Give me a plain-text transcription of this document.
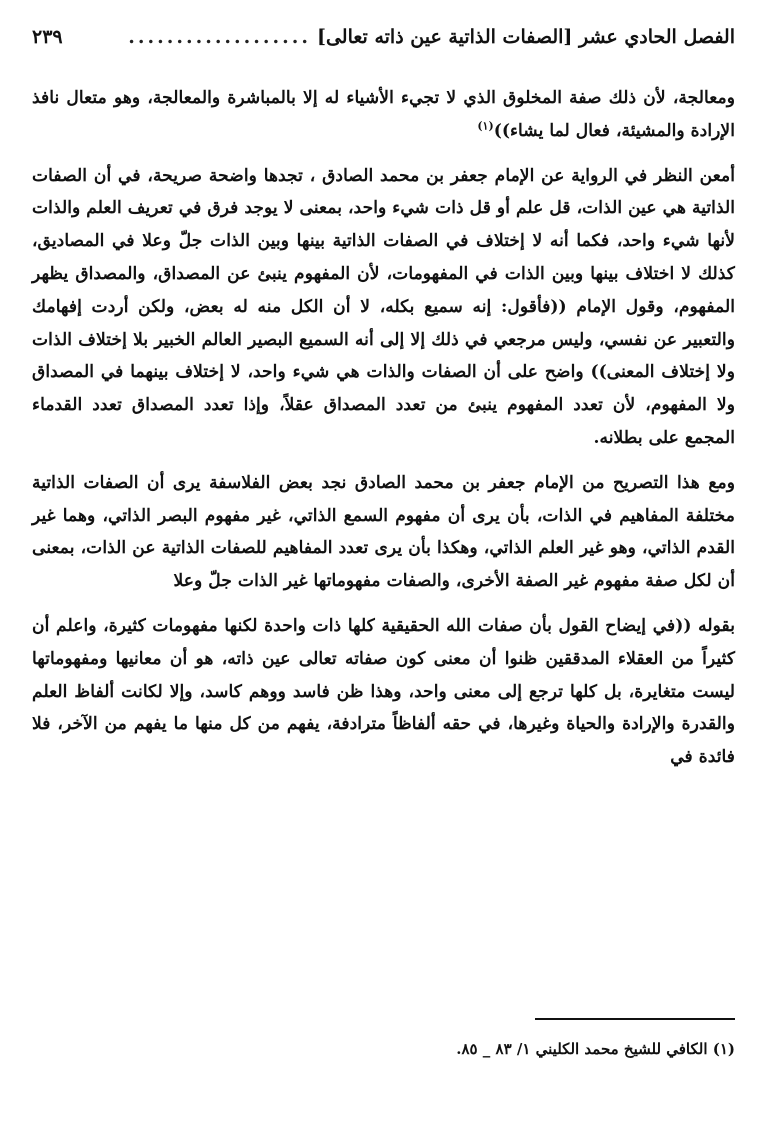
الفصل الحادي عشر [الصفات الذاتية عين ذاته تعالى]
...................
٢٣٩

ومعالجة، لأن ذلك صفة المخلوق الذي لا تجيء الأشياء له إلا بالمباشرة والمعالجة، وهو متعال نافذ الإرادة والمشيئة، فعال لما يشاء))$^{(١)}$

أمعن النظر في الرواية عن الإمام جعفر بن محمد الصادق ، تجدها واضحة صريحة، في أن الصفات الذاتية هي عين الذات، قل علم أو قل ذات شيء واحد، بمعنى لا يوجد فرق في تعريف العلم والذات لأنها شيء واحد، فكما أنه لا إختلاف في الصفات الذاتية بينها وبين الذات جلّ وعلا في المصاديق، كذلك لا اختلاف بينها وبين الذات في المفهومات، لأن المفهوم ينبئ عن المصداق، والمصداق يظهر المفهوم، وقول الإمام ((فأقول: إنه سميع بكله، لا أن الكل منه له بعض، ولكن أردت إفهامك والتعبير عن نفسي، وليس مرجعي في ذلك إلا إلى أنه السميع البصير العالم الخبير بلا إختلاف الذات ولا إختلاف المعنى)) واضح على أن الصفات والذات هي شيء واحد، لا إختلاف بينهما في المصداق ولا المفهوم، لأن تعدد المفهوم ينبئ من تعدد المصداق عقلاً، وإذا تعدد المصداق تعدد القدماء المجمع على بطلانه.

ومع هذا التصريح من الإمام جعفر بن محمد الصادق نجد بعض الفلاسفة يرى أن الصفات الذاتية مختلفة المفاهيم في الذات، بأن يرى أن مفهوم السمع الذاتي، غير مفهوم البصر الذاتي، وهما غير القدم الذاتي، وهو غير العلم الذاتي، وهكذا بأن يرى تعدد المفاهيم للصفات الذاتية عن الذات، بمعنى أن لكل صفة مفهوم غير الصفة الأخرى، والصفات مفهوماتها غير الذات جلّ وعلا

بقوله ((في إيضاح القول بأن صفات الله الحقيقية كلها ذات واحدة لكنها مفهومات كثيرة، واعلم أن كثيراً من العقلاء المدققين ظنوا أن معنى كون صفاته تعالى عين ذاته، هو أن معانيها ومفهوماتها ليست متغايرة، بل كلها ترجع إلى معنى واحد، وهذا ظن فاسد ووهم كاسد، وإلا لكانت ألفاظ العلم والقدرة والإرادة والحياة وغيرها، في حقه ألفاظاً مترادفة، يفهم من كل منها ما يفهم من الآخر، فلا فائدة في

(١) الكافي للشيخ محمد الكليني ١/ ٨٣ _ ٨٥.
